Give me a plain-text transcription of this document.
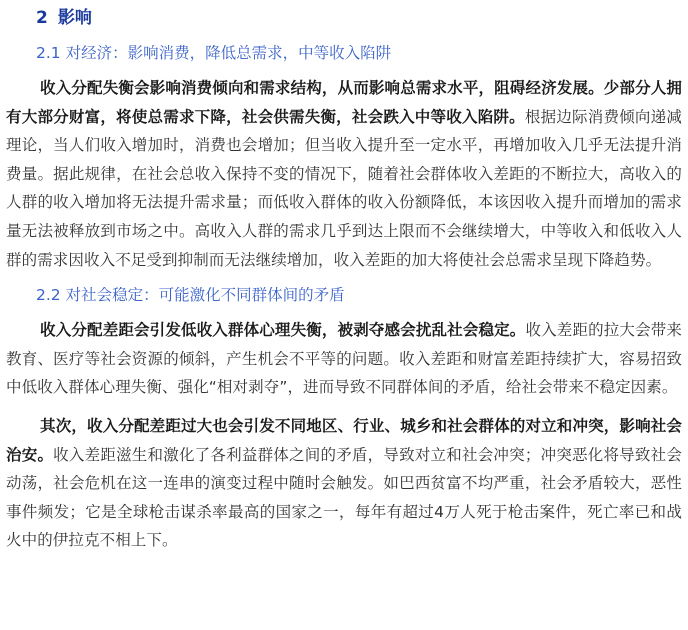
2 影响
2.1 对经济：影响消费，降低总需求，中等收入陷阱

收入分配失衡会影响消费倾向和需求结构，从而影响总需求水平，阻碍经济发展。少部分人拥有大部分财富，将使总需求下降，社会供需失衡，社会跌入中等收入陷阱。根据边际消费倾向递减理论，当人们收入增加时，消费也会增加；但当收入提升至一定水平，再增加收入几乎无法提升消费量。据此规律，在社会总收入保持不变的情况下，随着社会群体收入差距的不断拉大，高收入的人群的收入增加将无法提升需求量；而低收入群体的收入份额降低，本该因收入提升而增加的需求量无法被释放到市场之中。高收入人群的需求几乎到达上限而不会继续增大，中等收入和低收入人群的需求因收入不足受到抑制而无法继续增加，收入差距的加大将使社会总需求呈现下降趋势。

2.2 对社会稳定：可能激化不同群体间的矛盾

收入分配差距会引发低收入群体心理失衡，被剥夺感会扰乱社会稳定。收入差距的拉大会带来教育、医疗等社会资源的倾斜，产生机会不平等的问题。收入差距和财富差距持续扩大，容易招致中低收入群体心理失衡、强化“相对剥夺”，进而导致不同群体间的矛盾，给社会带来不稳定因素。

其次，收入分配差距过大也会引发不同地区、行业、城乡和社会群体的对立和冲突，影响社会治安。收入差距滋生和激化了各利益群体之间的矛盾，导致对立和社会冲突；冲突恶化将导致社会动荡，社会危机在这一连串的演变过程中随时会触发。如巴西贫富不均严重，社会矛盾较大，恶性事件频发；它是全球枪击谋杀率最高的国家之一，每年有超过4万人死于枪击案件，死亡率已和战火中的伊拉克不相上下。
